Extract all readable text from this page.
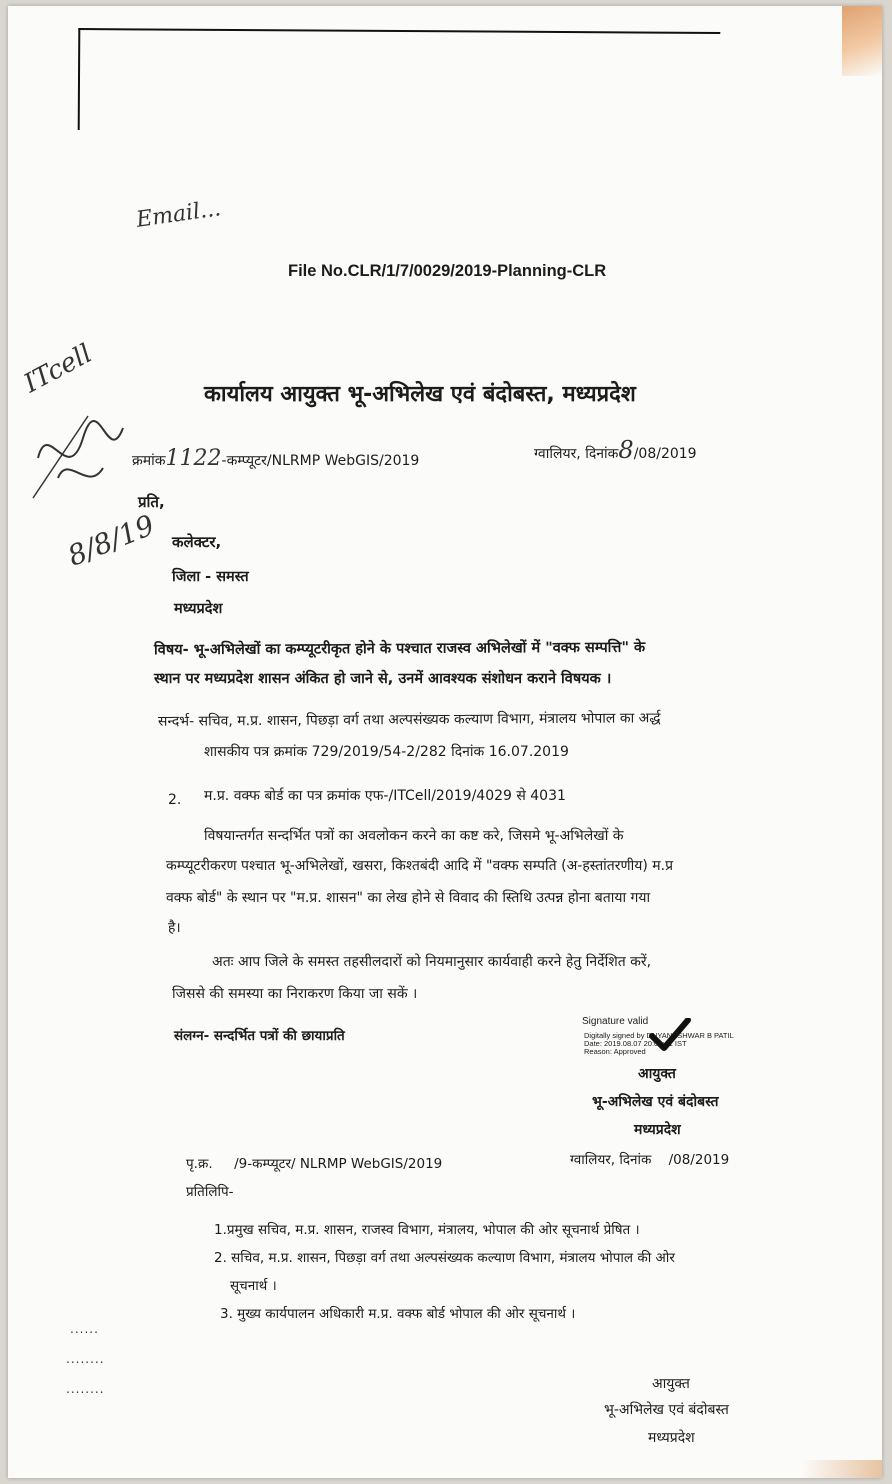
Email...
ITcell
8/8/19
File No.CLR/1/7/0029/2019-Planning-CLR
कार्यालय आयुक्त भू-अभिलेख एवं बंदोबस्त, मध्यप्रदेश
क्रमांक1122-कम्प्यूटर/NLRMP WebGIS/2019	ग्वालियर, दिनांक8/08/2019
प्रति,
कलेक्टर,
जिला - समस्त
मध्यप्रदेश
विषय- भू-अभिलेखों का कम्प्यूटरीकृत होने के पश्चात राजस्व अभिलेखों में "वक्फ सम्पत्ति" के
स्थान पर मध्यप्रदेश शासन अंकित हो जाने से, उनमें आवश्यक संशोधन कराने विषयक ।
सन्दर्भ- सचिव, म.प्र. शासन, पिछड़ा वर्ग तथा अल्पसंख्यक कल्याण विभाग, मंत्रालय भोपाल का अर्द्ध
शासकीय पत्र क्रमांक 729/2019/54-2/282 दिनांक 16.07.2019
2. म.प्र. वक्फ बोर्ड का पत्र क्रमांक एफ-/ITCell/2019/4029 से 4031
विषयान्तर्गत सन्दर्भित पत्रों का अवलोकन करने का कष्ट करे, जिसमे भू-अभिलेखों के
कम्प्यूटरीकरण पश्चात भू-अभिलेखों, खसरा, किश्तबंदी आदि में "वक्फ सम्पति (अ-हस्तांतरणीय) म.प्र
वक्फ बोर्ड" के स्थान पर "म.प्र. शासन" का लेख होने से विवाद की स्तिथि उत्पन्न होना बताया गया
है।
अतः आप जिले के समस्त तहसीलदारों को नियमानुसार कार्यवाही करने हेतु निर्देशित करें,
जिससे की समस्या का निराकरण किया जा सकें ।
संलग्न- सन्दर्भित पत्रों की छायाप्रति
Signature valid
Digitally signed by DNYANESHWAR B PATIL
Date: 2019.08.07 20:00:41 IST
Reason: Approved
आयुक्त
भू-अभिलेख एवं बंदोबस्त
मध्यप्रदेश
पृ.क्र. /9-कम्प्यूटर/ NLRMP WebGIS/2019	ग्वालियर, दिनांक /08/2019
प्रतिलिपि-
1.प्रमुख सचिव, म.प्र. शासन, राजस्व विभाग, मंत्रालय, भोपाल की ओर सूचनार्थ प्रेषित ।
2. सचिव, म.प्र. शासन, पिछड़ा वर्ग तथा अल्पसंख्यक कल्याण विभाग, मंत्रालय भोपाल की ओर
सूचनार्थ ।
3. मुख्य कार्यपालन अधिकारी म.प्र. वक्फ बोर्ड भोपाल की ओर सूचनार्थ ।
......
........
........	आयुक्त
भू-अभिलेख एवं बंदोबस्त
मध्यप्रदेश
